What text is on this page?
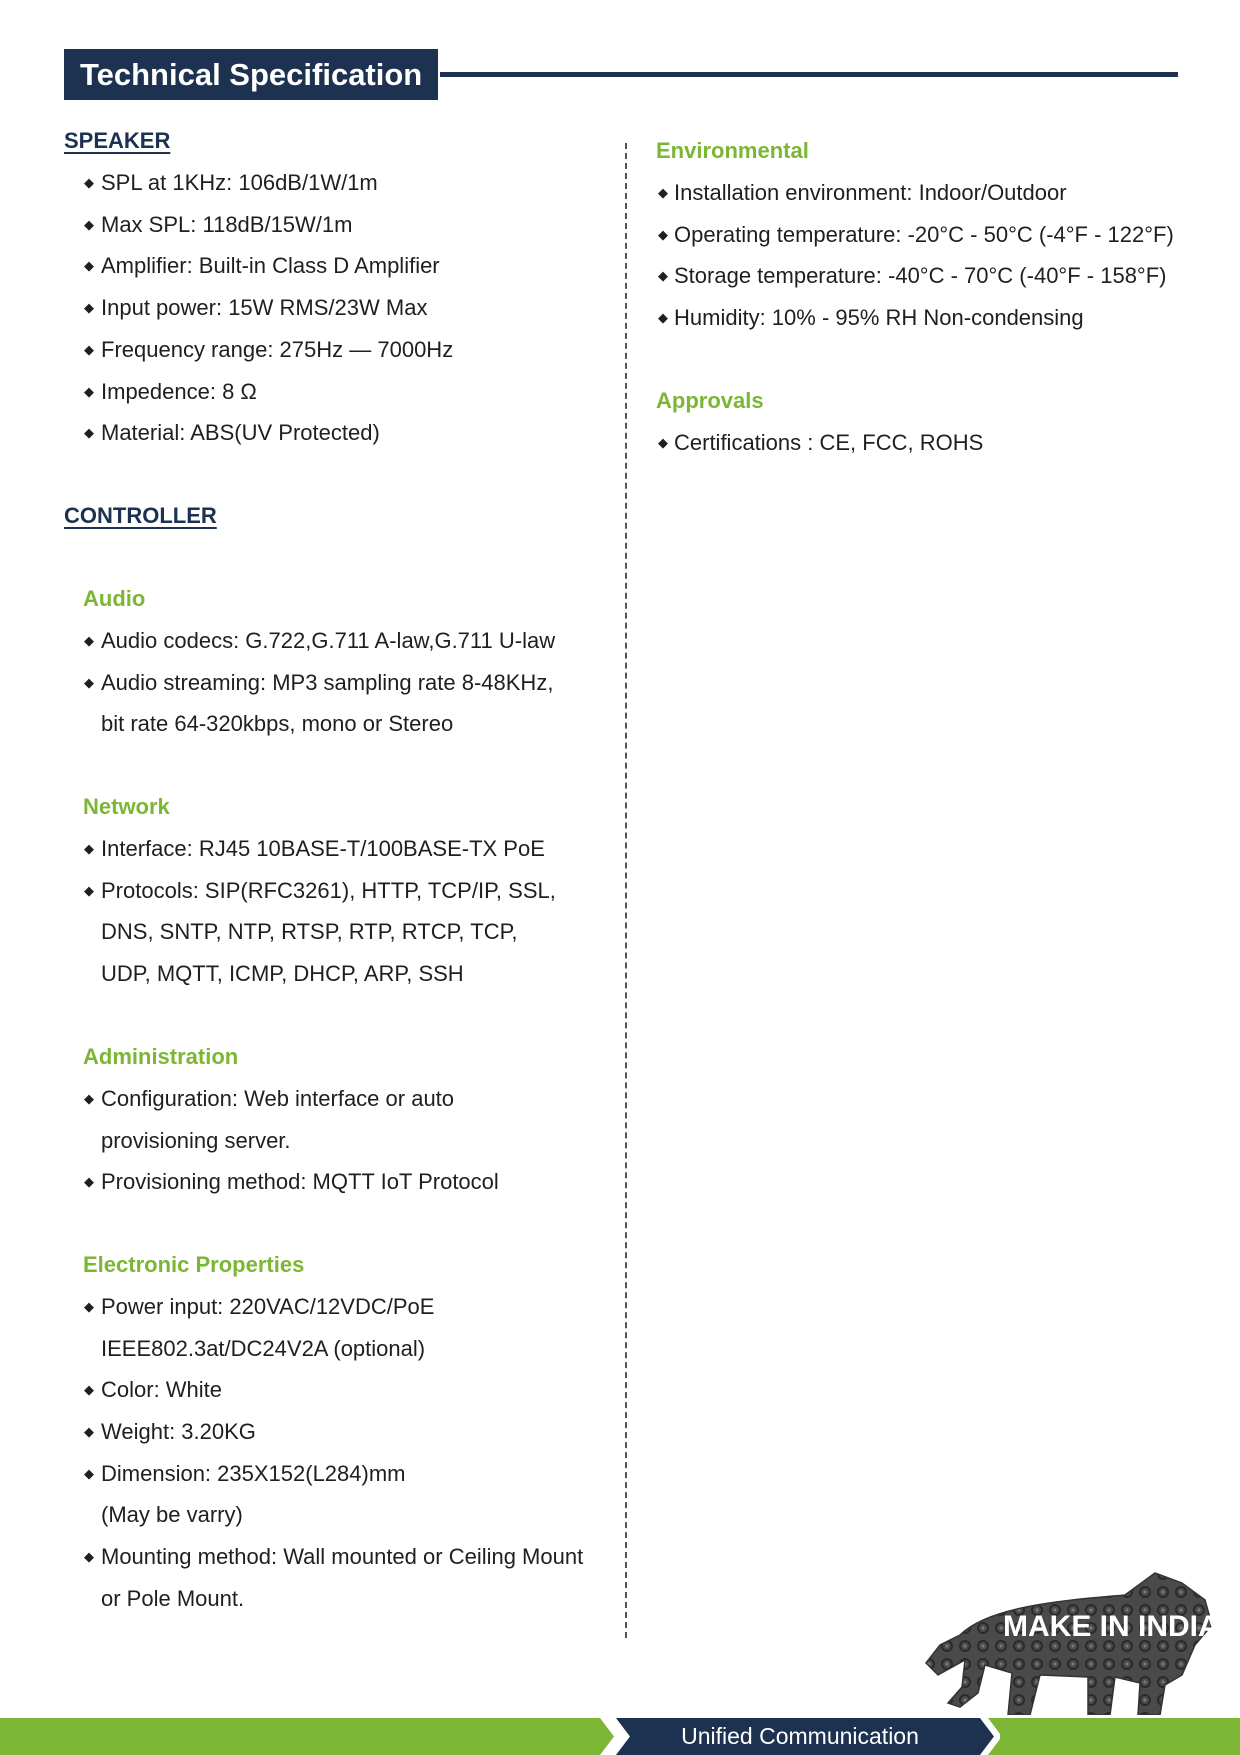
Technical Specification
SPEAKER
◆ SPL at 1KHz: 106dB/1W/1m
◆ Max SPL: 118dB/15W/1m
◆ Amplifier: Built-in Class D Amplifier
◆ Input power: 15W RMS/23W Max
◆ Frequency range: 275Hz — 7000Hz
◆ Impedence: 8 Ω
◆ Material: ABS(UV Protected)
CONTROLLER
Audio
◆ Audio codecs: G.722,G.711 A-law,G.711 U-law
◆ Audio streaming: MP3 sampling rate 8-48KHz,
bit rate 64-320kbps, mono or Stereo
Network
◆ Interface: RJ45 10BASE-T/100BASE-TX PoE
◆ Protocols: SIP(RFC3261), HTTP, TCP/IP, SSL,
DNS, SNTP, NTP, RTSP, RTP, RTCP, TCP,
UDP, MQTT, ICMP, DHCP, ARP, SSH
Administration
◆ Configuration: Web interface or auto
provisioning server.
◆ Provisioning method: MQTT IoT Protocol
Electronic Properties
◆ Power input: 220VAC/12VDC/PoE
IEEE802.3at/DC24V2A (optional)
◆ Color: White
◆ Weight: 3.20KG
◆ Dimension: 235X152(L284)mm
(May be varry)
◆ Mounting method: Wall mounted or Ceiling Mount
or Pole Mount.
Environmental
◆ Installation environment: Indoor/Outdoor
◆ Operating temperature: -20°C - 50°C (-4°F - 122°F)
◆ Storage temperature: -40°C - 70°C (-40°F - 158°F)
◆ Humidity: 10% - 95% RH Non-condensing
Approvals
◆ Certifications : CE, FCC, ROHS
MAKE IN INDIA
Unified Communication
